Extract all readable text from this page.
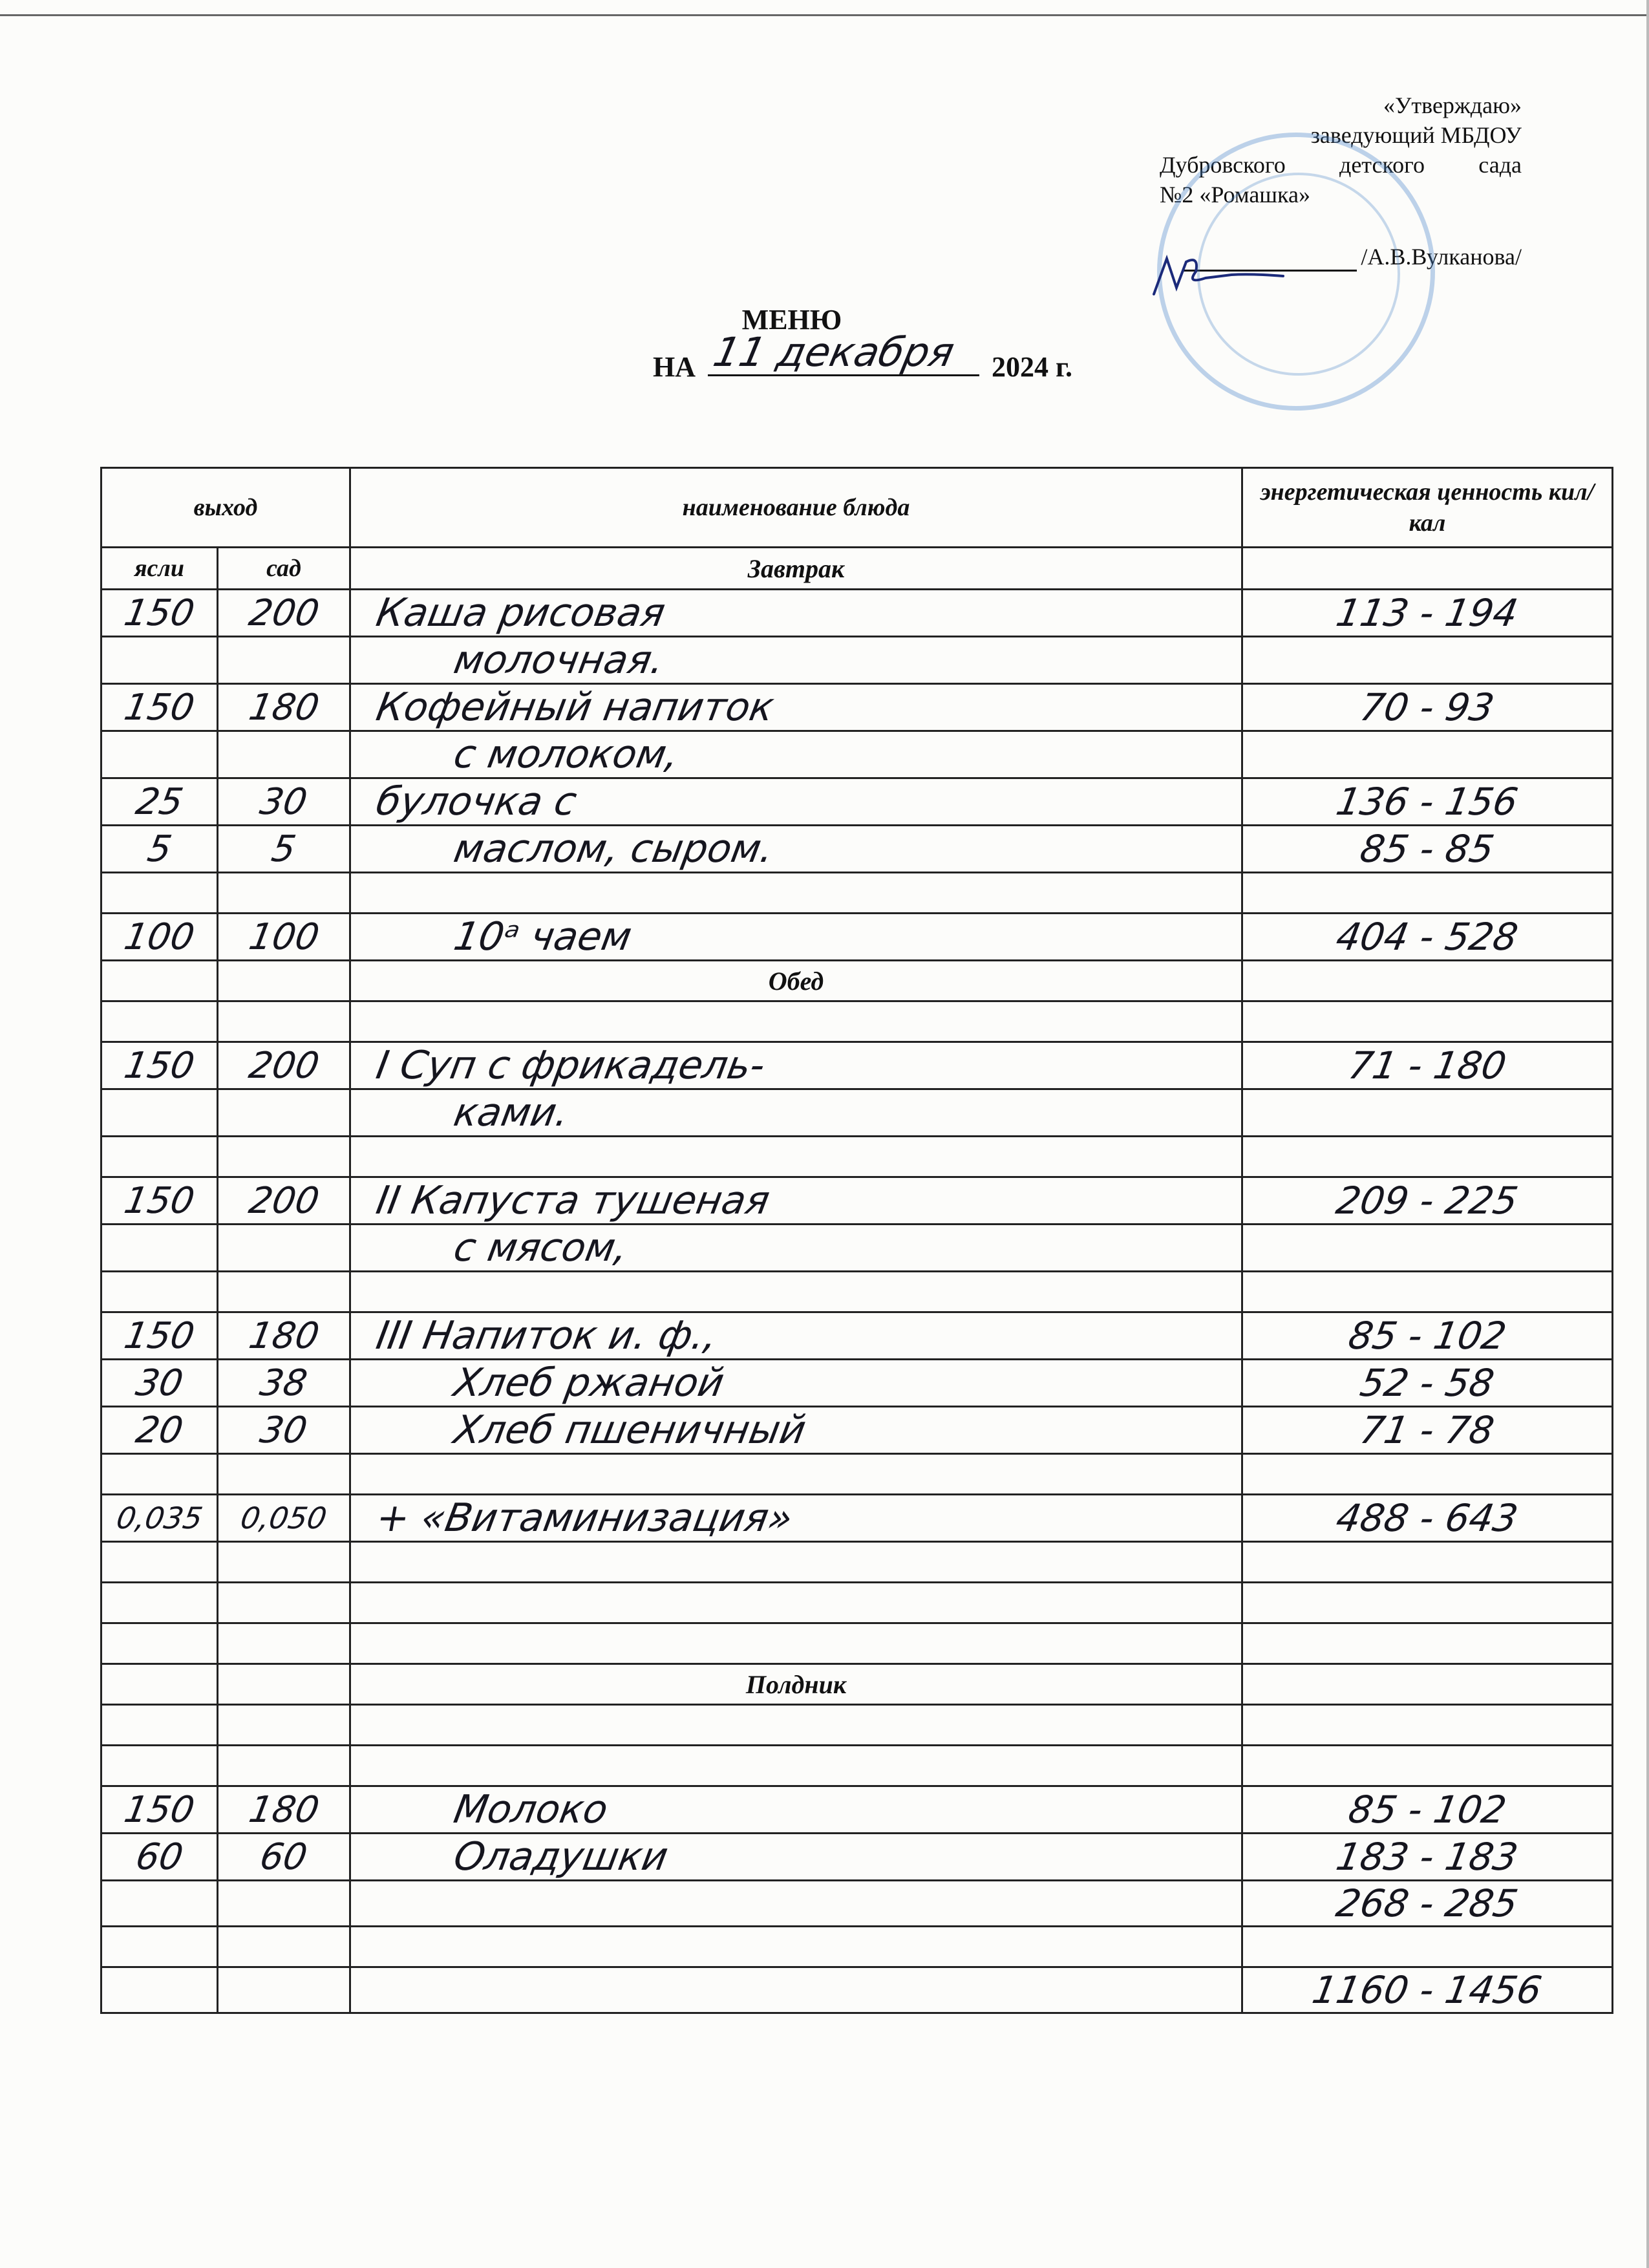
«Утверждаю»
заведующий МБДОУ
Дубровского детского сада
№2 «Ромашка»
/А.В.Вулканова/
МЕНЮ
НА 11 декабря 2024 г.
выход		наименование блюда	энергетическая ценность кил/кал
ясли	сад	Завтрак	
150	200	Каша рисовая	113 - 194
		молочная.	
150	180	Кофейный напиток	70 - 93
		с молоком,	
25	30	булочка с	136 - 156
5	5	маслом, сыром.	85 - 85

100	100	10ᵃ чаем	404 - 528
		Обед	

150	200	I Суп с фрикадель-	71 - 180
		ками.	

150	200	II Капуста тушеная	209 - 225
		с мясом,	

150	180	III Напиток и. ф.,	85 - 102
30	38	Хлеб ржаной	52 - 58
20	30	Хлеб пшеничный	71 - 78

0,035	0,050	+ «Витаминизация»	488 - 643

		Полдник	

150	180	Молоко	85 - 102
60	60	Оладушки	183 - 183
			268 - 285

			1160 - 1456
